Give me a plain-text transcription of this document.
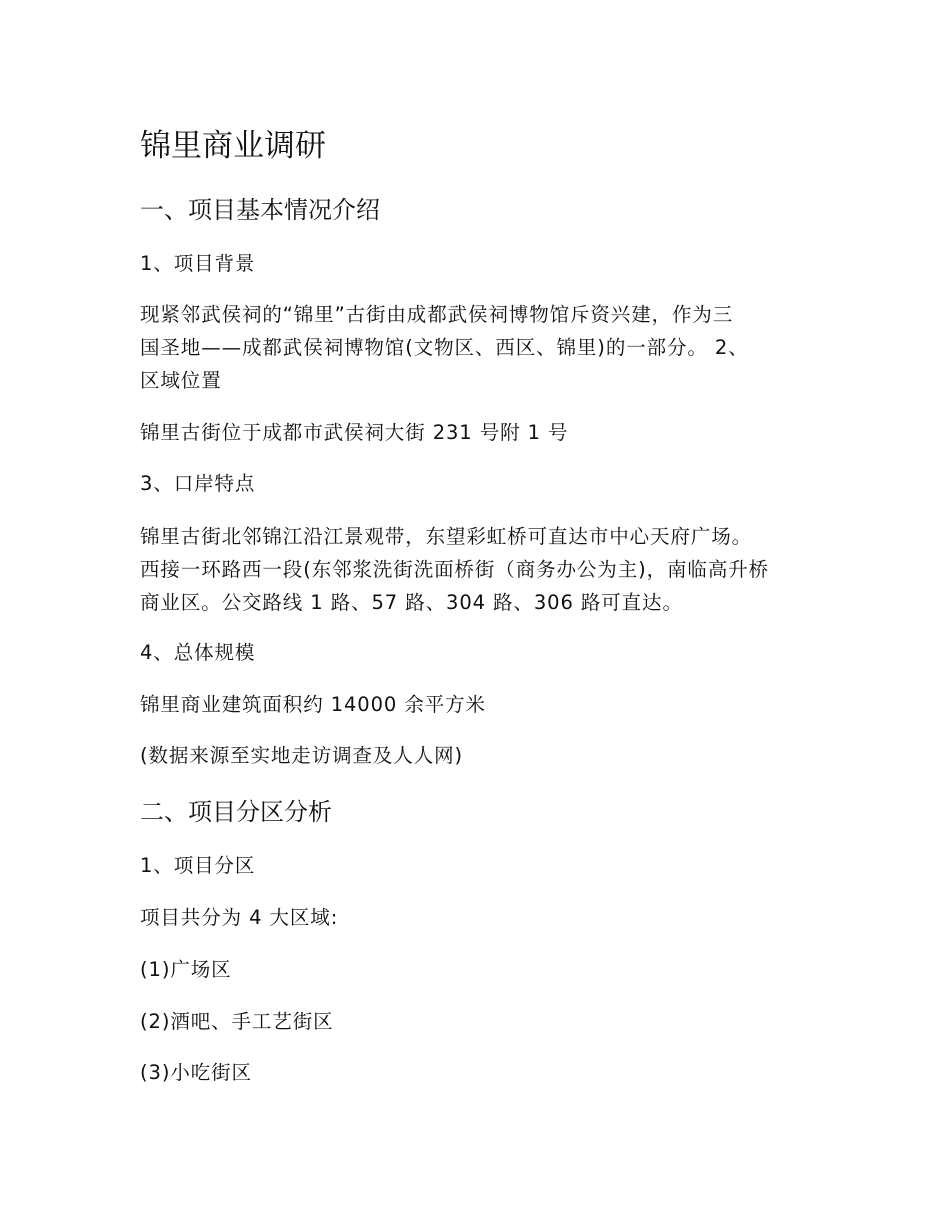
锦里商业调研
一、项目基本情况介绍

1、项目背景

现紧邻武侯祠的“锦里”古街由成都武侯祠博物馆斥资兴建，作为三
国圣地——成都武侯祠博物馆(文物区、西区、锦里)的一部分。 2、
区域位置

锦里古街位于成都市武侯祠大街 231 号附 1 号

3、口岸特点

锦里古街北邻锦江沿江景观带，东望彩虹桥可直达市中心天府广场。
西接一环路西一段(东邻浆洗街洗面桥街（商务办公为主)，南临高升桥
商业区。公交路线 1 路、57 路、304 路、306 路可直达。

4、总体规模

锦里商业建筑面积约 14000 余平方米

(数据来源至实地走访调查及人人网)

二、项目分区分析

1、项目分区

项目共分为 4 大区域:

(1)广场区

(2)酒吧、手工艺街区

(3)小吃街区
